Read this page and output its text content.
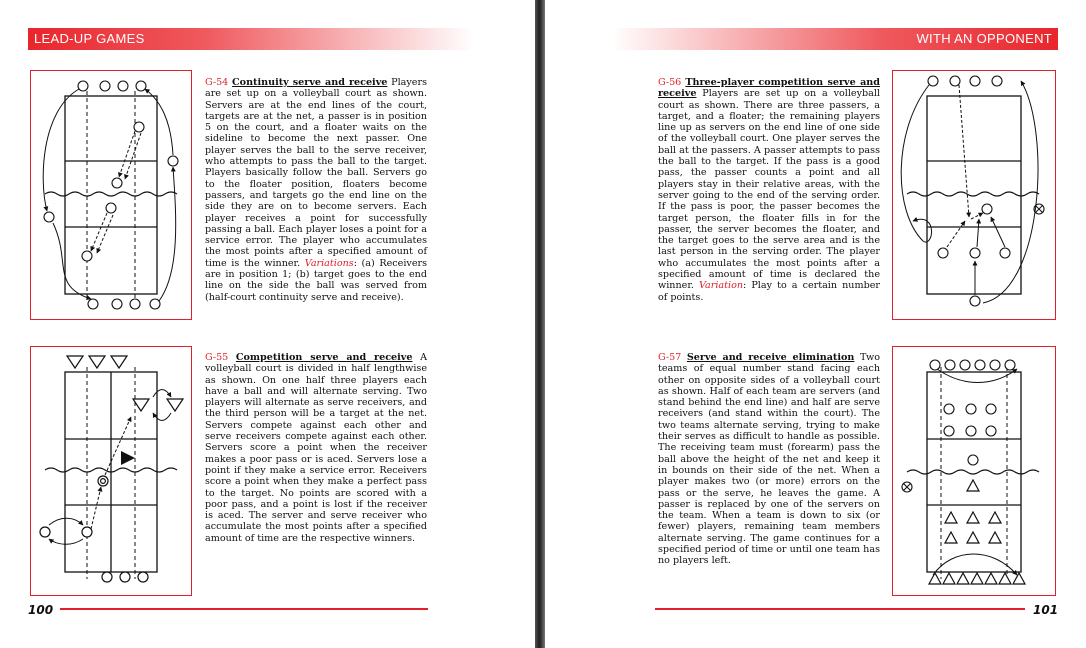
LEAD-UP GAMES
G-54 Continuity serve and receive Players are set up on a volleyball court as shown. Servers are at the end lines of the court, targets are at the net, a passer is in position 5 on the court, and a floater waits on the sideline to become the next passer. One player serves the ball to the serve receiver, who attempts to pass the ball to the target. Players basically follow the ball. Servers go to the floater position, floaters become passers, and targets go the end line on the side they are on to become servers. Each player receives a point for successfully passing a ball. Each player loses a point for a service error. The player who accumulates the most points after a specified amount of time is the winner. Variations: (a) Receivers are in position 1; (b) target goes to the end line on the side the ball was served from (half-court continuity serve and receive).
G-55 Competition serve and receive A volleyball court is divided in half lengthwise as shown. On one half three players each have a ball and will alternate serving. Two players will alternate as serve receivers, and the third person will be a target at the net. Servers compete against each other and serve receivers compete against each other. Servers score a point when the receiver makes a poor pass or is aced. Servers lose a point if they make a service error. Receivers score a point when they make a perfect pass to the target. No points are scored with a poor pass, and a point is lost if the receiver is aced. The server and serve receiver who accumulate the most points after a specified amount of time are the respective winners.
100
WITH AN OPPONENT
G-56 Three-player competition serve and receive Players are set up on a volleyball court as shown. There are three passers, a target, and a floater; the remaining players line up as servers on the end line of one side of the volleyball court. One player serves the ball at the passers. A passer attempts to pass the ball to the target. If the pass is a good pass, the passer counts a point and all players stay in their relative areas, with the server going to the end of the serving order. If the pass is poor, the passer becomes the target person, the floater fills in for the passer, the server becomes the floater, and the target goes to the serve area and is the last person in the serving order. The player who accumulates the most points after a specified amount of time is declared the winner. Variation: Play to a certain number of points.
G-57 Serve and receive elimination Two teams of equal number stand facing each other on opposite sides of a volleyball court as shown. Half of each team are servers (and stand behind the end line) and half are serve receivers (and stand within the court). The two teams alternate serving, trying to make their serves as difficult to handle as possible. The receiving team must (forearm) pass the ball above the height of the net and keep it in bounds on their side of the net. When a player makes two (or more) errors on the pass or the serve, he leaves the game. A passer is replaced by one of the servers on the team. When a team is down to six (or fewer) players, remaining team members alternate serving. The game continues for a specified period of time or until one team has no players left.
101
